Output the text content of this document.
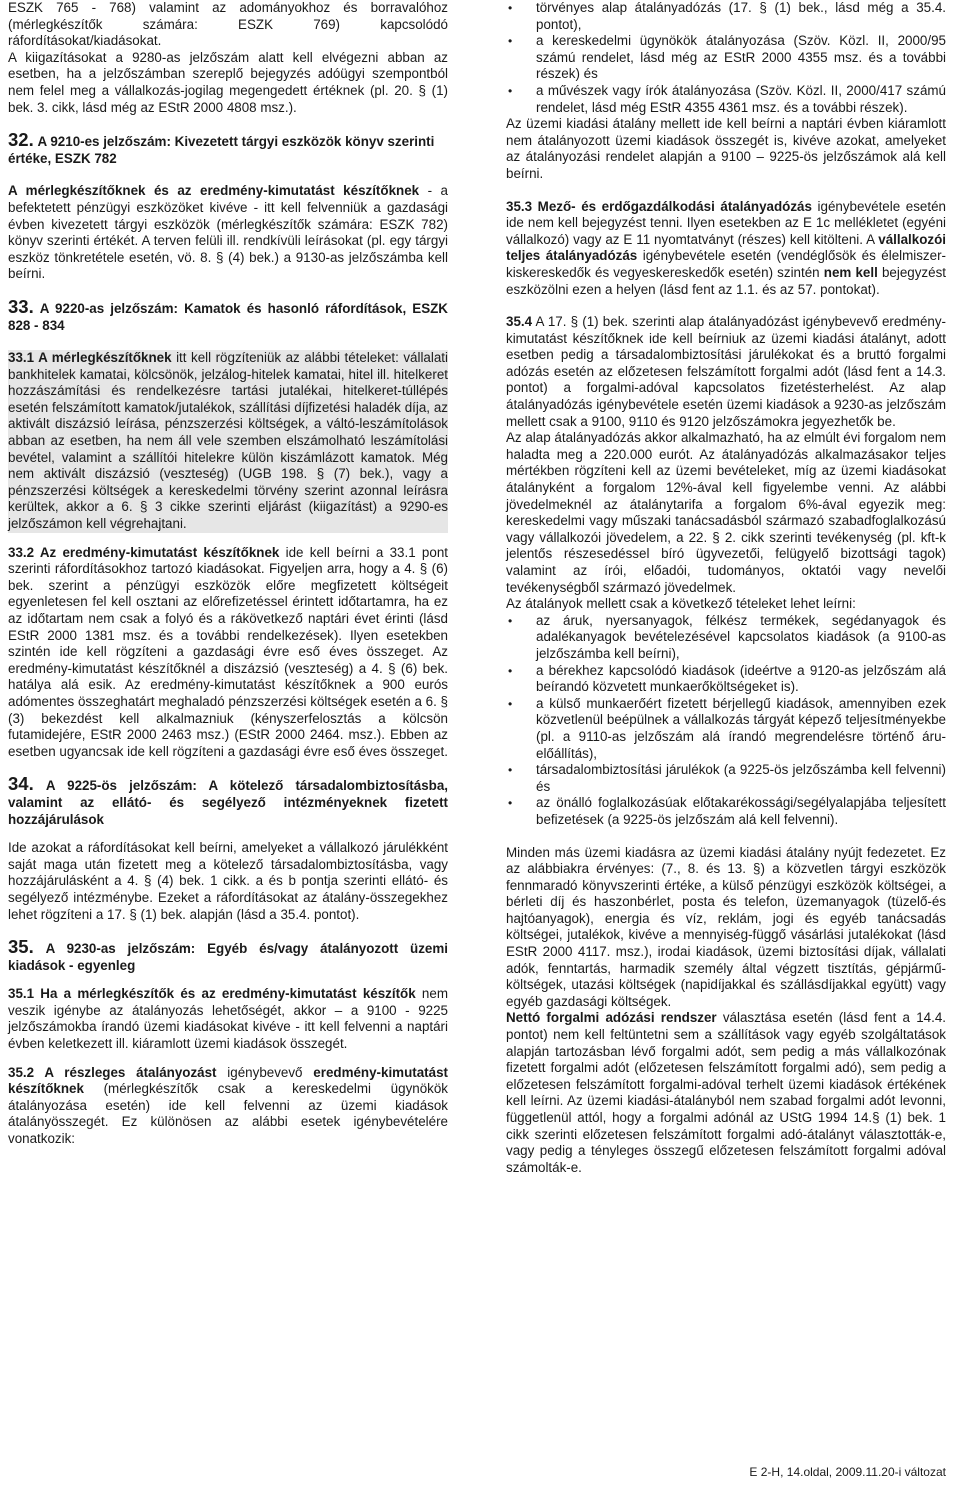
ESZK 765 - 768) valamint az adományokhoz és borravalóhoz (mérlegkészítők számára: ESZK 769) kapcsolódó ráfordításokat/kiadásokat.

A kiigazításokat a 9280-as jelzőszám alatt kell elvégezni abban az esetben, ha a jelzőszámban szereplő bejegyzés adóügyi szempontból nem felel meg a vállalkozás-jogilag megengedett értéknek (pl. 20. § (1) bek. 3. cikk, lásd még az EStR 2000 4808 msz.).

32. A 9210-es jelzőszám: Kivezetett tárgyi eszközök könyv szerinti értéke, ESZK 782

A mérlegkészítőknek és az eredmény-kimutatást készítőknek - a befektetett pénzügyi eszközöket kivéve - itt kell felvenniük a gazdasági évben kivezetett tárgyi eszközök (mérlegkészítők számára: ESZK 782) könyv szerinti értékét. A terven felüli ill. rendkívüli leírásokat (pl. egy tárgyi eszköz tönkretétele esetén, vö. 8. § (4) bek.) a 9130-as jelzőszámba kell beírni.

33. A 9220-as jelzőszám: Kamatok és hasonló ráfordítások, ESZK 828 - 834

33.1 A mérlegkészítőknek itt kell rögzíteniük az alábbi tételeket: vállalati bankhitelek kamatai, kölcsönök, jelzálog-hitelek kamatai, hitel ill. hitelkeret hozzászámítási és rendelkezésre tartási jutalékai, hitelkeret-túllépés esetén felszámított kamatok/jutalékok, szállítási díjfizetési haladék díja, az aktivált diszázsió leírása, pénzszerzési költségek, a váltó-leszámítolások abban az esetben, ha nem áll vele szemben elszámolható leszámítolási bevétel, valamint a szállítói hitelekre külön kiszámlázott kamatok. Még nem aktivált diszázsió (veszteség) (UGB 198. § (7) bek.), vagy a pénzszerzési költségek a kereskedelmi törvény szerint azonnal leírásra kerültek, akkor a 6. § 3 cikke szerinti eljárást (kiigazítást) a 9290-es jelzőszámon kell végrehajtani.

33.2 Az eredmény-kimutatást készítőknek ide kell beírni a 33.1 pont szerinti ráfordításokhoz tartozó kiadásokat. Figyeljen arra, hogy a 4. § (6) bek. szerint a pénzügyi eszközök előre megfizetett költségeit egyenletesen fel kell osztani az előrefizetéssel érintett időtartamra, ha ez az időtartam nem csak a folyó és a rákövetkező naptári évet érinti (lásd EStR 2000 1381 msz. és a további rendelkezések). Ilyen esetekben szintén ide kell rögzíteni a gazdasági évre eső éves összeget. Az eredmény-kimutatást készítőknél a diszázsió (veszteség) a 4. § (6) bek. hatálya alá esik. Az eredmény-kimutatást készítőknek a 900 eurós adómentes összeghatárt meghaladó pénzszerzési költségek esetén a 6. § (3) bekezdést kell alkalmazniuk (kényszerfelosztás a kölcsön futamidejére, EStR 2000 2463 msz.) (EStR 2000 2464. msz.). Ebben az esetben ugyancsak ide kell rögzíteni a gazdasági évre eső éves összeget.

34. A 9225-ös jelzőszám: A kötelező társadalombiztosításba, valamint az ellátó- és segélyező intézményeknek fizetett hozzájárulások

Ide azokat a ráfordításokat kell beírni, amelyeket a vállalkozó járulékként saját maga után fizetett meg a kötelező társadalombiztosításba, vagy hozzájárulásként a 4. § (4) bek. 1 cikk. a és b pontja szerinti ellátó- és segélyező intézménybe. Ezeket a ráfordításokat az átalány-összegekhez lehet rögzíteni a 17. § (1) bek. alapján (lásd a 35.4. pontot).

35. A 9230-as jelzőszám: Egyéb és/vagy átalányozott üzemi kiadások - egyenleg

35.1 Ha a mérlegkészítők és az eredmény-kimutatást készítők nem veszik igénybe az átalányozás lehetőségét, akkor – a 9100 - 9225 jelzőszámokba írandó üzemi kiadásokat kivéve - itt kell felvenni a naptári évben keletkezett ill. kiáramlott üzemi kiadások összegét.

35.2 A részleges átalányozást igénybevevő eredmény-kimutatást készítőknek (mérlegkészítők csak a kereskedelmi ügynökök átalányozása esetén) ide kell felvenni az üzemi kiadások átalányösszegét. Ez különösen az alábbi esetek igénybevételére vonatkozik:

• törvényes alap átalányadózás (17. § (1) bek., lásd még a 35.4. pontot),
• a kereskedelmi ügynökök átalányozása (Szöv. Közl. II, 2000/95 számú rendelet, lásd még az EStR 2000 4355 msz. és a további részek) és
• a művészek vagy írók átalányozása (Szöv. Közl. II, 2000/417 számú rendelet, lásd még EStR 4355 4361 msz. és a további részek).

Az üzemi kiadási átalány mellett ide kell beírni a naptári évben kiáramlott nem átalányozott üzemi kiadások összegét is, kivéve azokat, amelyeket az átalányozási rendelet alapján a 9100 – 9225-ös jelzőszámok alá kell beírni.

35.3 Mező- és erdőgazdálkodási átalányadózás igénybevétele esetén ide nem kell bejegyzést tenni. Ilyen esetekben az E 1c mellékletet (egyéni vállalkozó) vagy az E 11 nyomtatványt (részes) kell kitölteni. A vállalkozói teljes átalányadózás igénybevétele esetén (vendéglősök és élelmiszer-kiskereskedők és vegyeskereskedők esetén) szintén nem kell bejegyzést eszközölni ezen a helyen (lásd fent az 1.1. és az 57. pontokat).

35.4 A 17. § (1) bek. szerinti alap átalányadózást igénybevevő eredmény-kimutatást készítőknek ide kell beírniuk az üzemi kiadási átalányt, adott esetben pedig a társadalombiztosítási járulékokat és a bruttó forgalmi adózás esetén az előzetesen felszámított forgalmi adót (lásd fent a 14.3. pontot) a forgalmi-adóval kapcsolatos fizetésterhelést. Az alap átalányadózás igénybevétele esetén üzemi kiadások a 9230-as jelzőszám mellett csak a 9100, 9110 és 9120 jelzőszámokra jegyezhetők be.

Az alap átalányadózás akkor alkalmazható, ha az elmúlt évi forgalom nem haladta meg a 220.000 eurót. Az átalányadózás alkalmazásakor teljes mértékben rögzíteni kell az üzemi bevételeket, míg az üzemi kiadásokat átalányként a forgalom 12%-ával kell figyelembe venni. Az alábbi jövedelmeknél az átalánytarifa a forgalom 6%-ával egyezik meg: kereskedelmi vagy műszaki tanácsadásból származó szabadfoglalkozású vagy vállalkozói jövedelem, a 22. § 2. cikk szerinti tevékenység (pl. kft-k jelentős részesedéssel bíró ügyvezetői, felügyelő bizottsági tagok) valamint az írói, előadói, tudományos, oktatói vagy nevelői tevékenységből származó jövedelmek.

Az átalányok mellett csak a következő tételeket lehet leírni:

• az áruk, nyersanyagok, félkész termékek, segédanyagok és adalékanyagok bevételezésével kapcsolatos kiadások (a 9100-as jelzőszámba kell beírni),
• a bérekhez kapcsolódó kiadások (ideértve a 9120-as jelzőszám alá beírandó közvetett munkaerőköltségeket is).
• a külső munkaerőért fizetett bérjellegű kiadások, amennyiben ezek közvetlenül beépülnek a vállalkozás tárgyát képező teljesítményekbe (pl. a 9110-as jelzőszám alá írandó megrendelésre történő áru-előállítás),
• társadalombiztosítási járulékok (a 9225-ös jelzőszámba kell felvenni) és
• az önálló foglalkozásúak előtakarékossági/segélyalapjába teljesített befizetések (a 9225-ös jelzőszám alá kell felvenni).

Minden más üzemi kiadásra az üzemi kiadási átalány nyújt fedezetet. Ez az alábbiakra érvényes: (7., 8. és 13. §) a közvetlen tárgyi eszközök fennmaradó könyvszerinti értéke, a külső pénzügyi eszközök költségei, a bérleti díj és haszonbérlet, posta és telefon, üzemanyagok (tüzelő-és hajtóanyagok), energia és víz, reklám, jogi és egyéb tanácsadás költségei, jutalékok, kivéve a mennyiség-függő vásárlási jutalékokat (lásd EStR 2000 4117. msz.), irodai kiadások, üzemi biztosítási díjak, vállalati adók, fenntartás, harmadik személy által végzett tisztítás, gépjármű-költségek, utazási költségek (napidíjakkal és szállásdíjakkal együtt) vagy egyéb gazdasági költségek.

Nettó forgalmi adózási rendszer választása esetén (lásd fent a 14.4. pontot) nem kell feltüntetni sem a szállítások vagy egyéb szolgáltatások alapján tartozásban lévő forgalmi adót, sem pedig a más vállalkozónak fizetett forgalmi adót (előzetesen felszámított forgalmi adó), sem pedig a előzetesen felszámított forgalmi-adóval terhelt üzemi kiadások értékének kell leírni. Az üzemi kiadási-átalányból nem szabad forgalmi adót levonni, függetlenül attól, hogy a forgalmi adónál az UStG 1994 14.§ (1) bek. 1 cikk szerinti előzetesen felszámított forgalmi adó-átalányt választották-e, vagy pedig a tényleges összegű előzetesen felszámított forgalmi adóval számolták-e.

E 2-H, 14.oldal, 2009.11.20-i változat
